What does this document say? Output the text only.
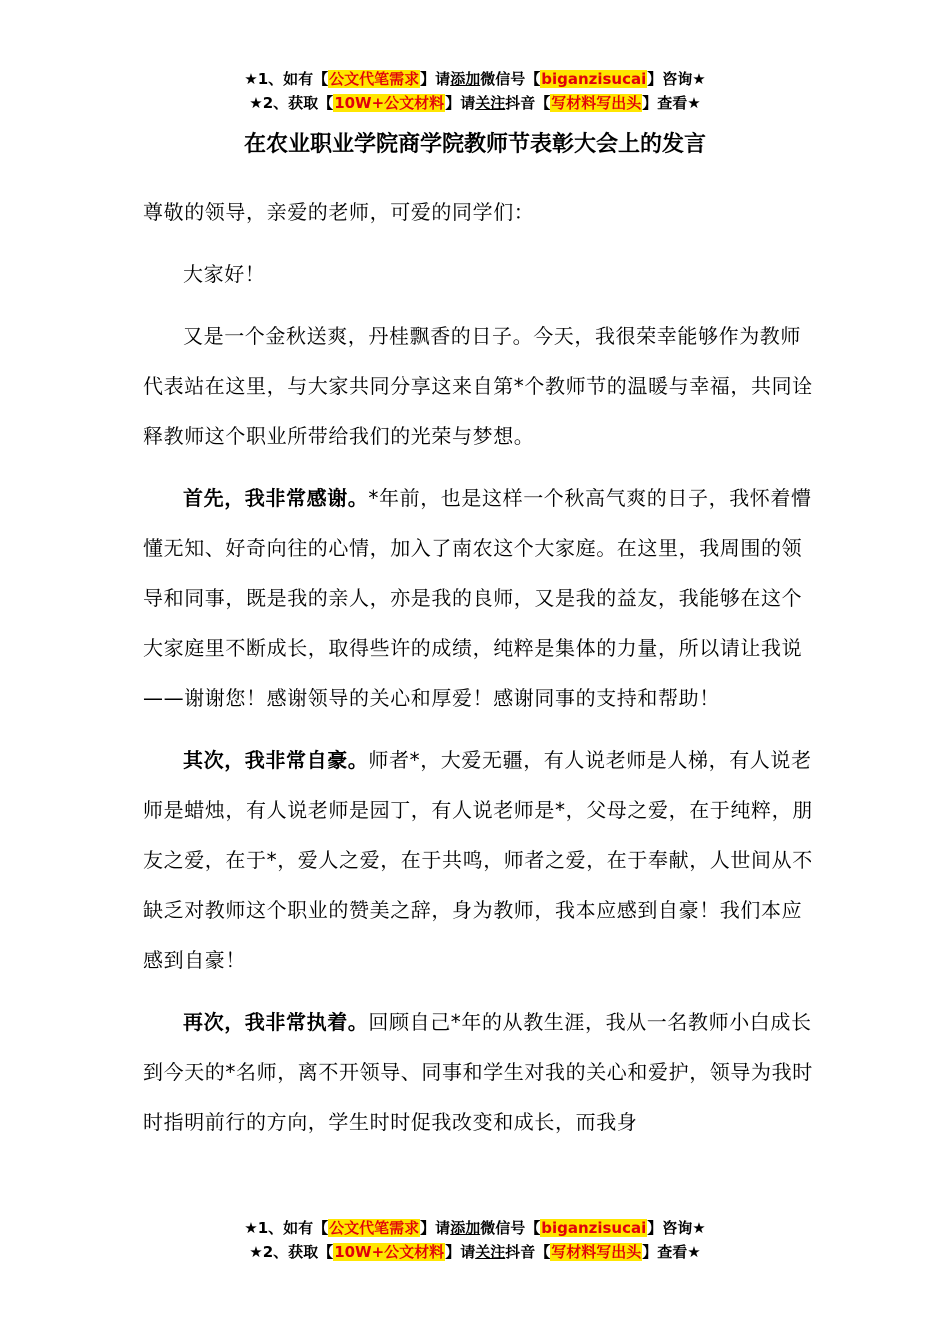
★1、如有【公文代笔需求】请添加微信号【biganzisucai】咨询★
★2、获取【10W+公文材料】请关注抖音【写材料写出头】查看★
在农业职业学院商学院教师节表彰大会上的发言

尊敬的领导，亲爱的老师，可爱的同学们：

大家好！

又是一个金秋送爽，丹桂飘香的日子。今天，我很荣幸能够作为教师代表站在这里，与大家共同分享这来自第*个教师节的温暖与幸福，共同诠释教师这个职业所带给我们的光荣与梦想。

首先，我非常感谢。*年前，也是这样一个秋高气爽的日子，我怀着懵懂无知、好奇向往的心情，加入了南农这个大家庭。在这里，我周围的领导和同事，既是我的亲人，亦是我的良师，又是我的益友，我能够在这个大家庭里不断成长，取得些许的成绩，纯粹是集体的力量，所以请让我说——谢谢您！感谢领导的关心和厚爱！感谢同事的支持和帮助！

其次，我非常自豪。师者*，大爱无疆，有人说老师是人梯，有人说老师是蜡烛，有人说老师是园丁，有人说老师是*，父母之爱，在于纯粹，朋友之爱，在于*，爱人之爱，在于共鸣，师者之爱，在于奉献，人世间从不缺乏对教师这个职业的赞美之辞，身为教师，我本应感到自豪！我们本应感到自豪！

再次，我非常执着。回顾自己*年的从教生涯，我从一名教师小白成长到今天的*名师，离不开领导、同事和学生对我的关心和爱护，领导为我时时指明前行的方向，学生时时促我改变和成长，而我身

★1、如有【公文代笔需求】请添加微信号【biganzisucai】咨询★
★2、获取【10W+公文材料】请关注抖音【写材料写出头】查看★
